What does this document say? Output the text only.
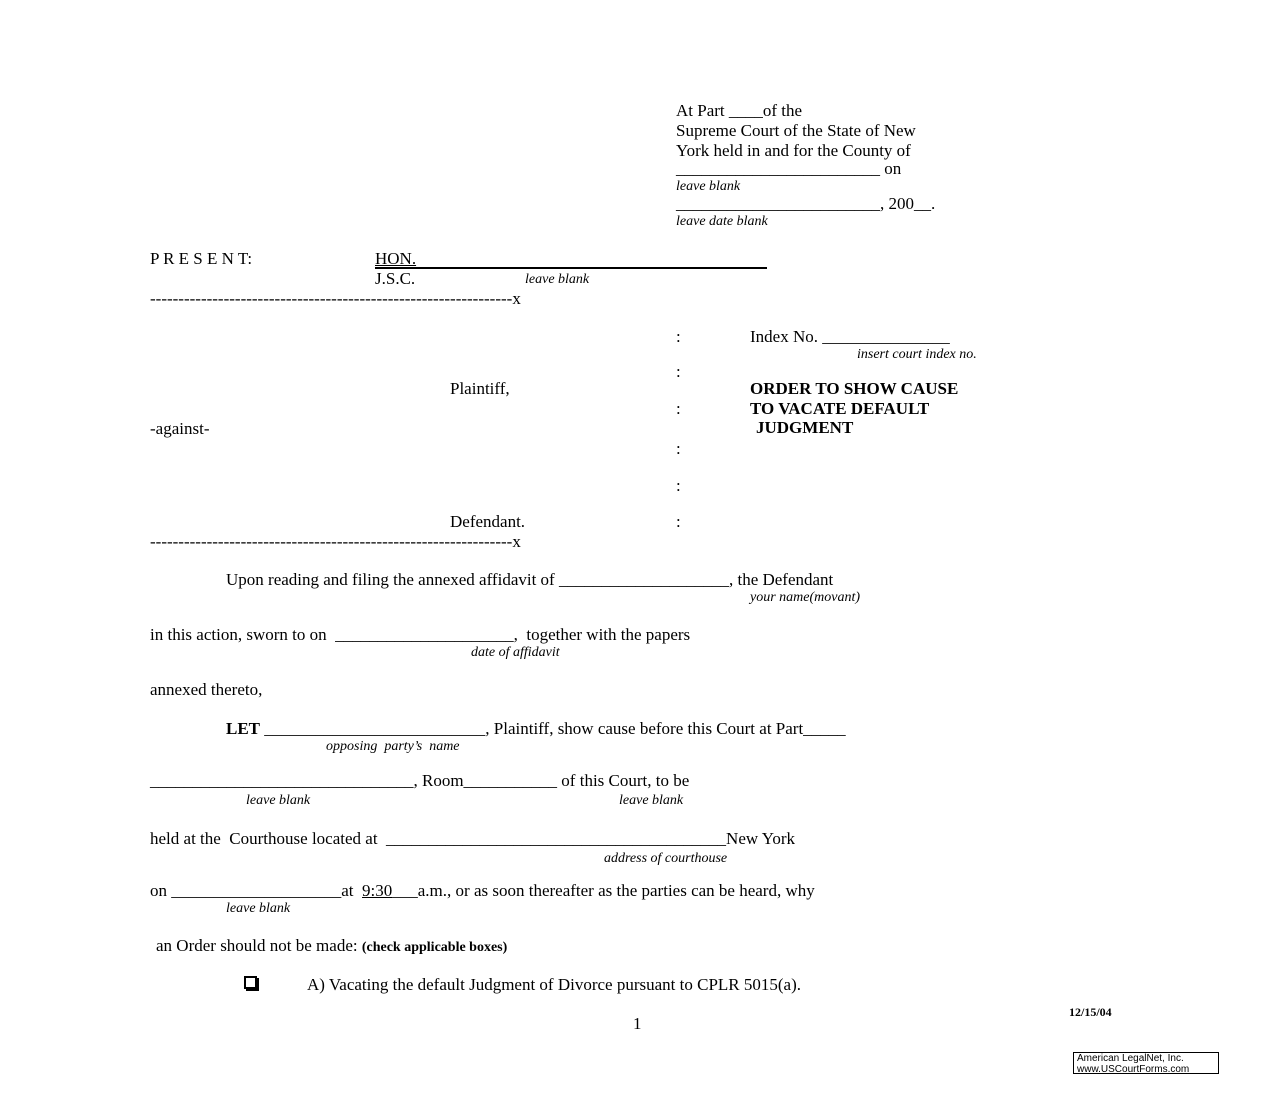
At Part ____of the
Supreme Court of the State of New
York held in and for the County of
________________________ on
leave blank
________________________, 200__.
leave date blank
P R E S E N T:	HON.
J.S.C.	leave blank
----------------------------------------------------------------x
:	Index No. _______________
insert court index no.
:
Plaintiff,	ORDER TO SHOW CAUSE
:	TO VACATE DEFAULT
-against-	JUDGMENT
:
:
Defendant.	:
----------------------------------------------------------------x
Upon reading and filing the annexed affidavit of ____________________, the Defendant
your name(movant)
in this action, sworn to on  _____________________,  together with the papers
date of affidavit
annexed thereto,
LET __________________________, Plaintiff, show cause before this Court at Part_____
opposing  party’s  name
_______________________________, Room___________ of this Court, to be
leave blank	leave blank
held at the  Courthouse located at  ________________________________________New York
address of courthouse
on ____________________at  9:30___a.m., or as soon thereafter as the parties can be heard, why
leave blank
an Order should not be made: (check applicable boxes)
A) Vacating the default Judgment of Divorce pursuant to CPLR 5015(a).
12/15/04
1
American LegalNet, Inc.
www.USCourtForms.com
